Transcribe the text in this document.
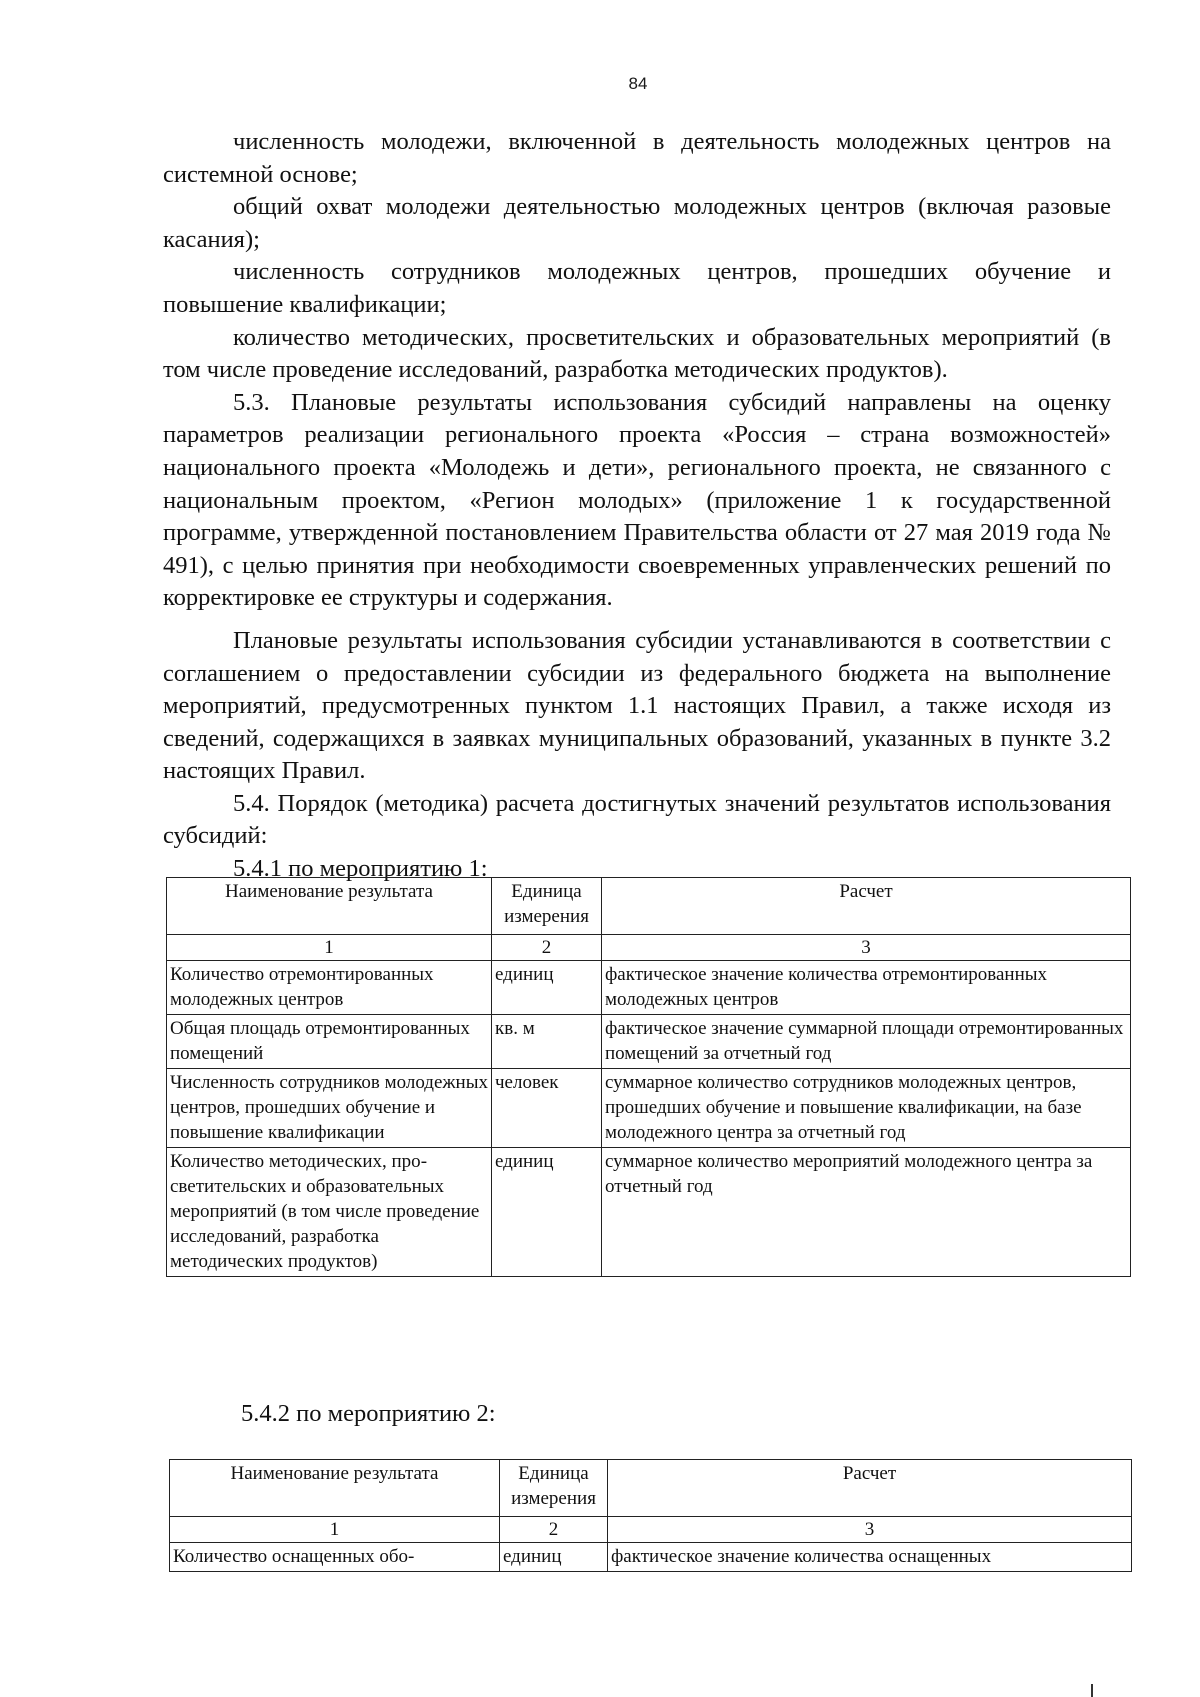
84

численность молодежи, включенной в деятельность молодежных центров на системной основе;

общий охват молодежи деятельностью молодежных центров (включая разовые касания);

численность сотрудников молодежных центров, прошедших обучение и повышение квалификации;

количество методических, просветительских и образовательных мероприятий (в том числе проведение исследований, разработка методических продуктов).

5.3. Плановые результаты использования субсидий направлены на оценку параметров реализации регионального проекта «Россия – страна возможностей» национального проекта «Молодежь и дети», регионального проекта, не связанного с национальным проектом, «Регион молодых» (приложение 1 к государственной программе, утвержденной постановлением Правительства области от 27 мая 2019 года № 491), с целью принятия при необходимости своевременных управленческих решений по корректировке ее структуры и содержания.

Плановые результаты использования субсидии устанавливаются в соответствии с соглашением о предоставлении субсидии из федерального бюджета на выполнение мероприятий, предусмотренных пунктом 1.1 настоящих Правил, а также исходя из сведений, содержащихся в заявках муниципальных образований, указанных в пункте 3.2 настоящих Правил.

5.4. Порядок (методика) расчета достигнутых значений результатов использования субсидий:

5.4.1 по мероприятию 1:

Наименование результата	Единица измерения	Расчет
1	2	3
Количество отремонтированных молодежных центров	единиц	фактическое значение количества отремонтированных молодежных центров
Общая площадь отремонтированных помещений	кв. м	фактическое значение суммарной площади отремонтированных помещений за отчетный год
Численность сотрудников молодежных центров, прошедших обучение и повышение квалификации	человек	суммарное количество сотрудников молодежных центров, прошедших обучение и повышение квалификации, на базе молодежного центра за отчетный год
Количество методических, просветительских и образовательных мероприятий (в том числе проведение исследований, разработка методических продуктов)	единиц	суммарное количество мероприятий молодежного центра за отчетный год
5.4.2 по мероприятию 2:
Наименование результата	Единица измерения	Расчет
1	2	3
Количество оснащенных обо-	единиц	фактическое значение количества оснащенных
